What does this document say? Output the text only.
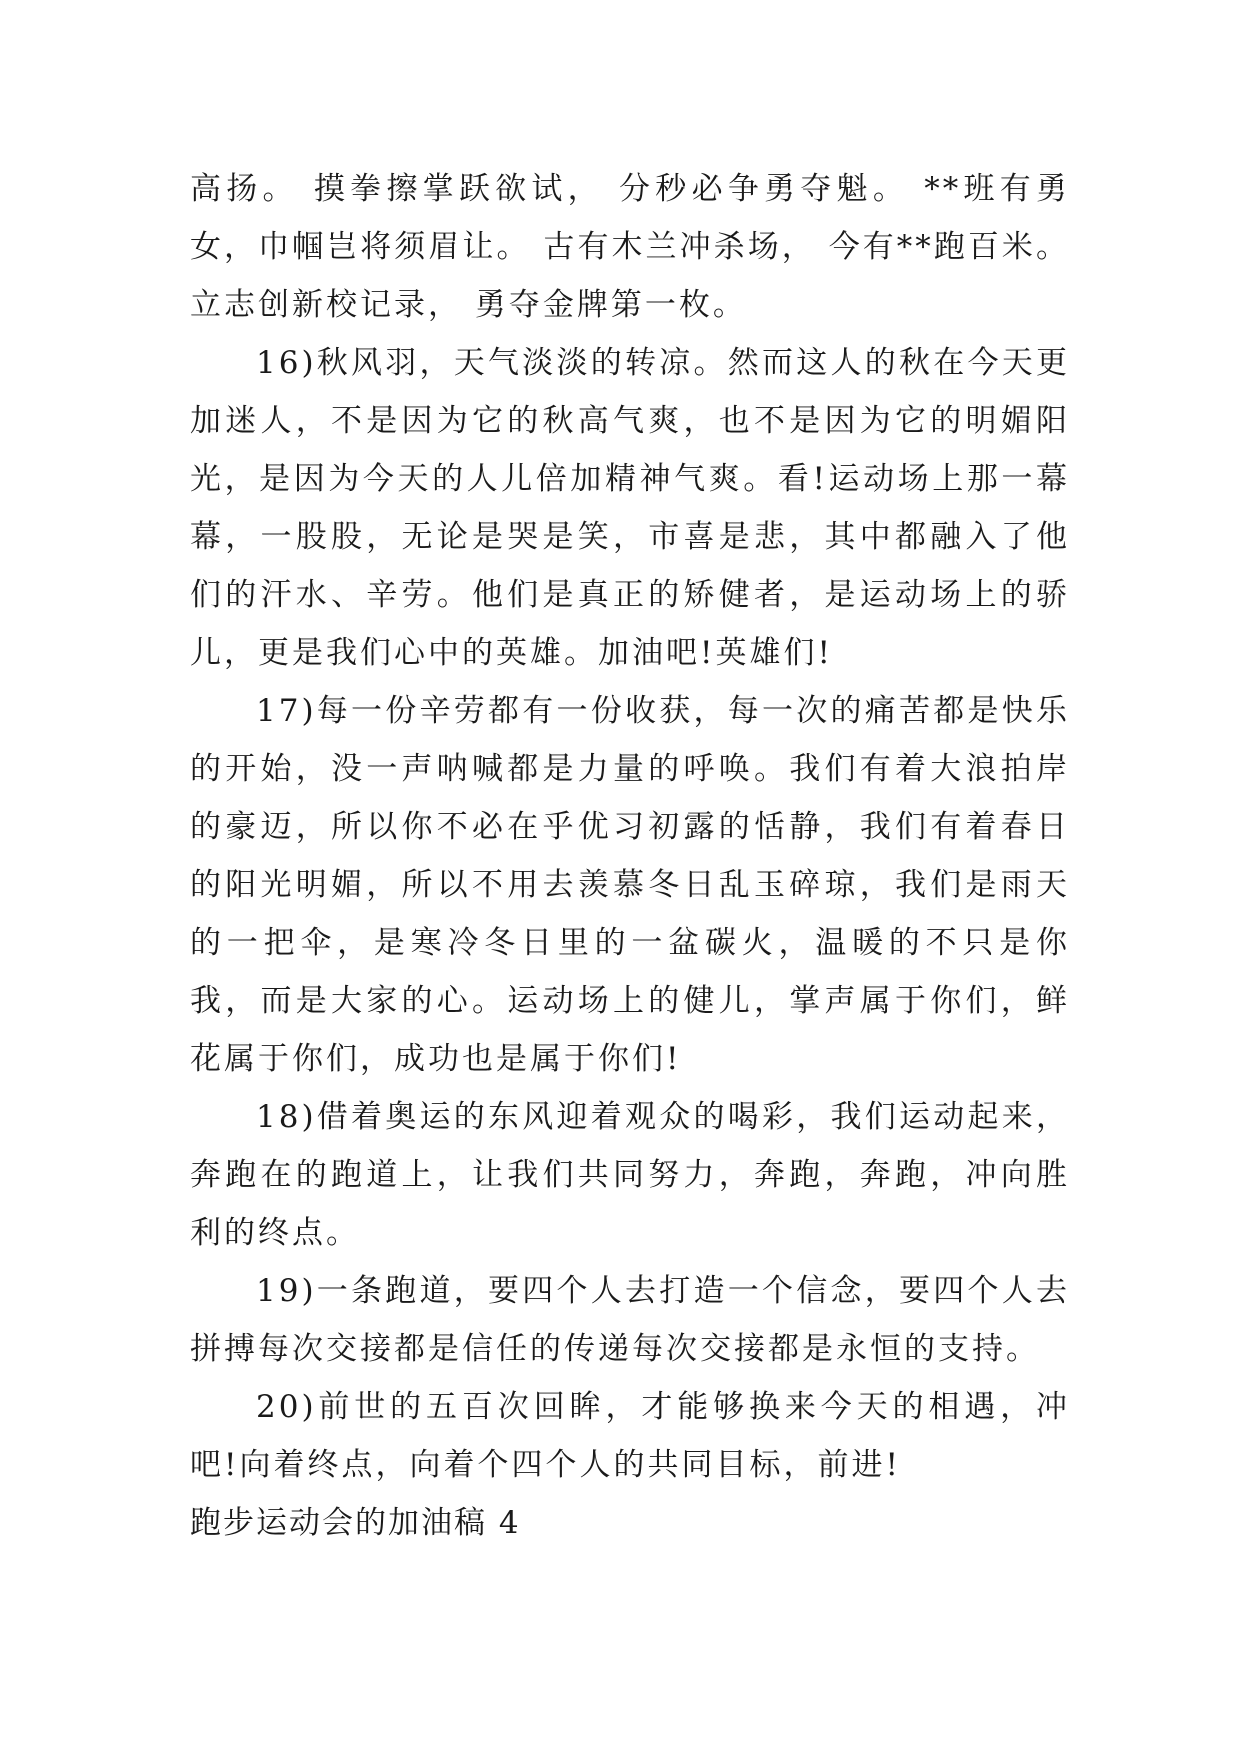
高扬。 摸拳擦掌跃欲试， 分秒必争勇夺魁。 **班有勇女，巾帼岂将须眉让。 古有木兰冲杀场， 今有**跑百米。 立志创新校记录， 勇夺金牌第一枚。

16)秋风羽，天气淡淡的转凉。然而这人的秋在今天更加迷人，不是因为它的秋高气爽，也不是因为它的明媚阳光，是因为今天的人儿倍加精神气爽。看!运动场上那一幕幕，一股股，无论是哭是笑，市喜是悲，其中都融入了他们的汗水、辛劳。他们是真正的矫健者，是运动场上的骄儿，更是我们心中的英雄。加油吧!英雄们!

17)每一份辛劳都有一份收获，每一次的痛苦都是快乐的开始，没一声呐喊都是力量的呼唤。我们有着大浪拍岸的豪迈，所以你不必在乎优习初露的恬静，我们有着春日的阳光明媚，所以不用去羡慕冬日乱玉碎琼，我们是雨天的一把伞，是寒冷冬日里的一盆碳火，温暖的不只是你我，而是大家的心。运动场上的健儿，掌声属于你们，鲜花属于你们，成功也是属于你们!

18)借着奥运的东风迎着观众的喝彩，我们运动起来，奔跑在的跑道上，让我们共同努力，奔跑，奔跑，冲向胜利的终点。

19)一条跑道，要四个人去打造一个信念，要四个人去拼搏每次交接都是信任的传递每次交接都是永恒的支持。

20)前世的五百次回眸，才能够换来今天的相遇，冲吧!向着终点，向着个四个人的共同目标，前进!

跑步运动会的加油稿 4
